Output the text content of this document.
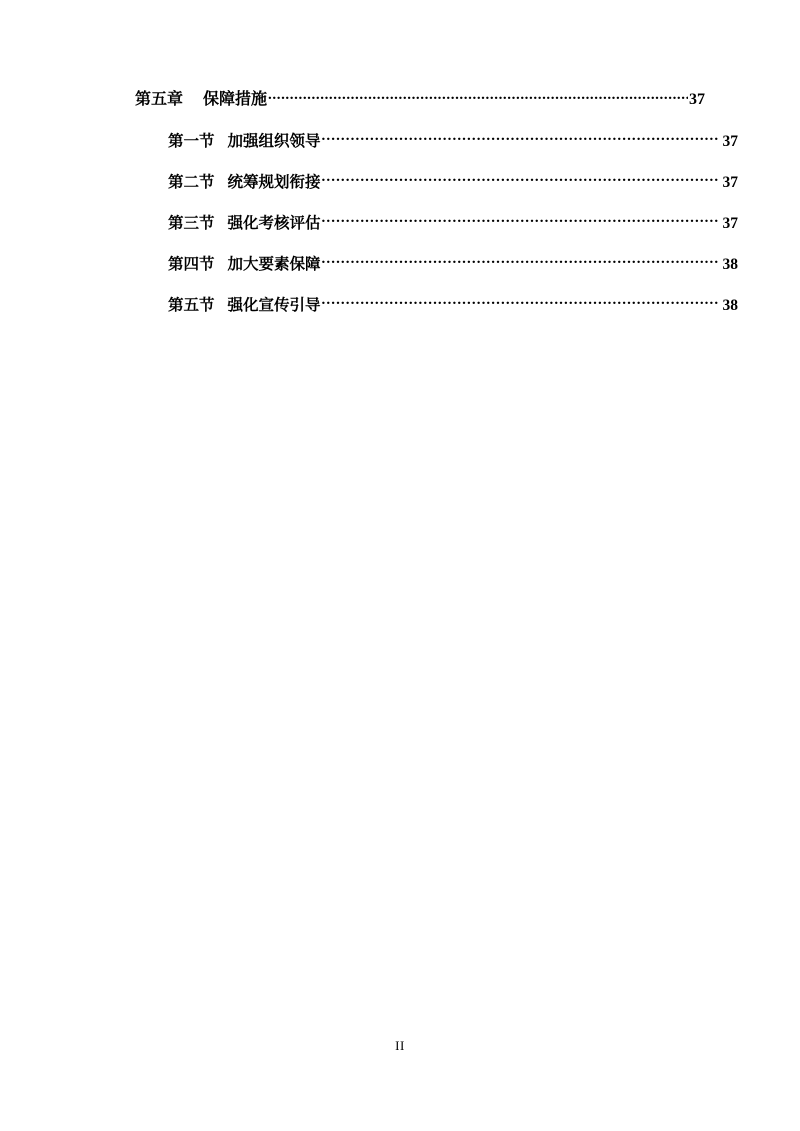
第五章 保障措施 .....	37
第一节 加强组织领导 .....	37
第二节 统筹规划衔接 .....	37
第三节 强化考核评估 .....	37
第四节 加大要素保障 .....	38
第五节 强化宣传引导 .....	38
II
